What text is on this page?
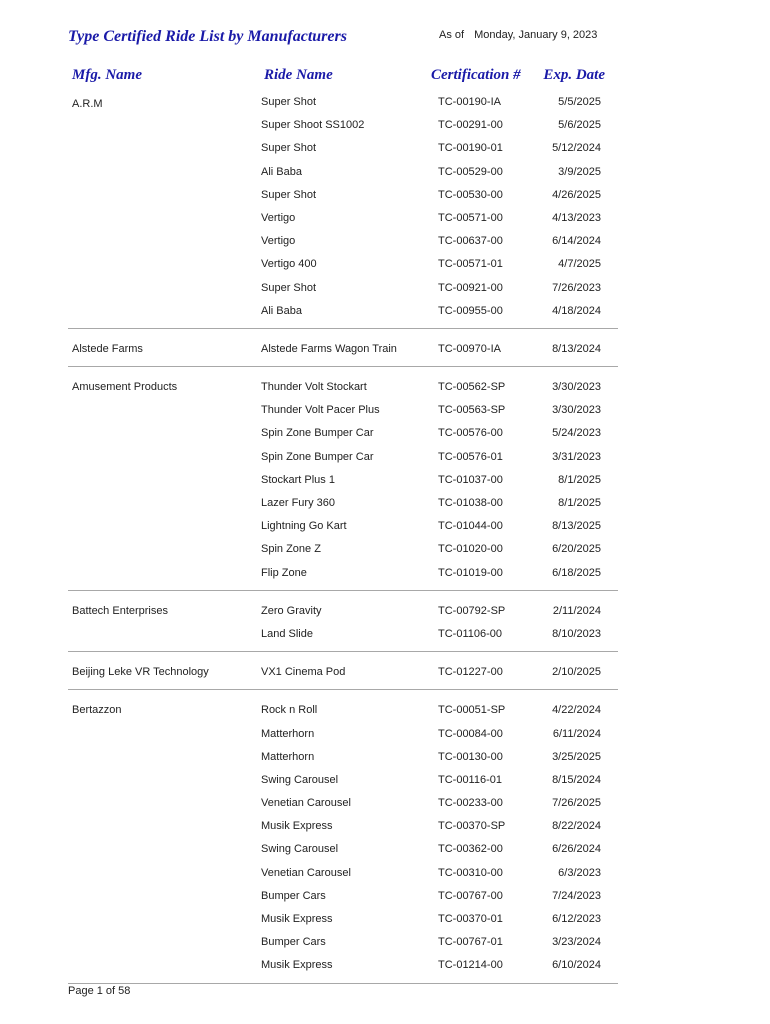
Type Certified Ride List by Manufacturers	As of Monday, January 9, 2023
Mfg. Name	Ride Name	Certification # Exp. Date
A.R.M	Super Shot	TC-00190-IA	5/5/2025
Super Shoot SS1002	TC-00291-00	5/6/2025
Super Shot	TC-00190-01	5/12/2024
Ali Baba	TC-00529-00	3/9/2025
Super Shot	TC-00530-00	4/26/2025
Vertigo	TC-00571-00	4/13/2023
Vertigo	TC-00637-00	6/14/2024
Vertigo 400	TC-00571-01	4/7/2025
Super Shot	TC-00921-00	7/26/2023
Ali Baba	TC-00955-00	4/18/2024
Alstede Farms	Alstede Farms Wagon Train	TC-00970-IA	8/13/2024
Amusement Products	Thunder Volt Stockart	TC-00562-SP	3/30/2023
Thunder Volt Pacer Plus	TC-00563-SP	3/30/2023
Spin Zone Bumper Car	TC-00576-00	5/24/2023
Spin Zone Bumper Car	TC-00576-01	3/31/2023
Stockart Plus 1	TC-01037-00	8/1/2025
Lazer Fury 360	TC-01038-00	8/1/2025
Lightning Go Kart	TC-01044-00	8/13/2025
Spin Zone Z	TC-01020-00	6/20/2025
Flip Zone	TC-01019-00	6/18/2025
Battech Enterprises	Zero Gravity	TC-00792-SP	2/11/2024
Land Slide	TC-01106-00	8/10/2023
Beijing Leke VR Technology	VX1 Cinema Pod	TC-01227-00	2/10/2025
Bertazzon	Rock n Roll	TC-00051-SP	4/22/2024
Matterhorn	TC-00084-00	6/11/2024
Matterhorn	TC-00130-00	3/25/2025
Swing Carousel	TC-00116-01	8/15/2024
Venetian Carousel	TC-00233-00	7/26/2025
Musik Express	TC-00370-SP	8/22/2024
Swing Carousel	TC-00362-00	6/26/2024
Venetian Carousel	TC-00310-00	6/3/2023
Bumper Cars	TC-00767-00	7/24/2023
Musik Express	TC-00370-01	6/12/2023
Bumper Cars	TC-00767-01	3/23/2024
Musik Express	TC-01214-00	6/10/2024
Page 1 of 58
